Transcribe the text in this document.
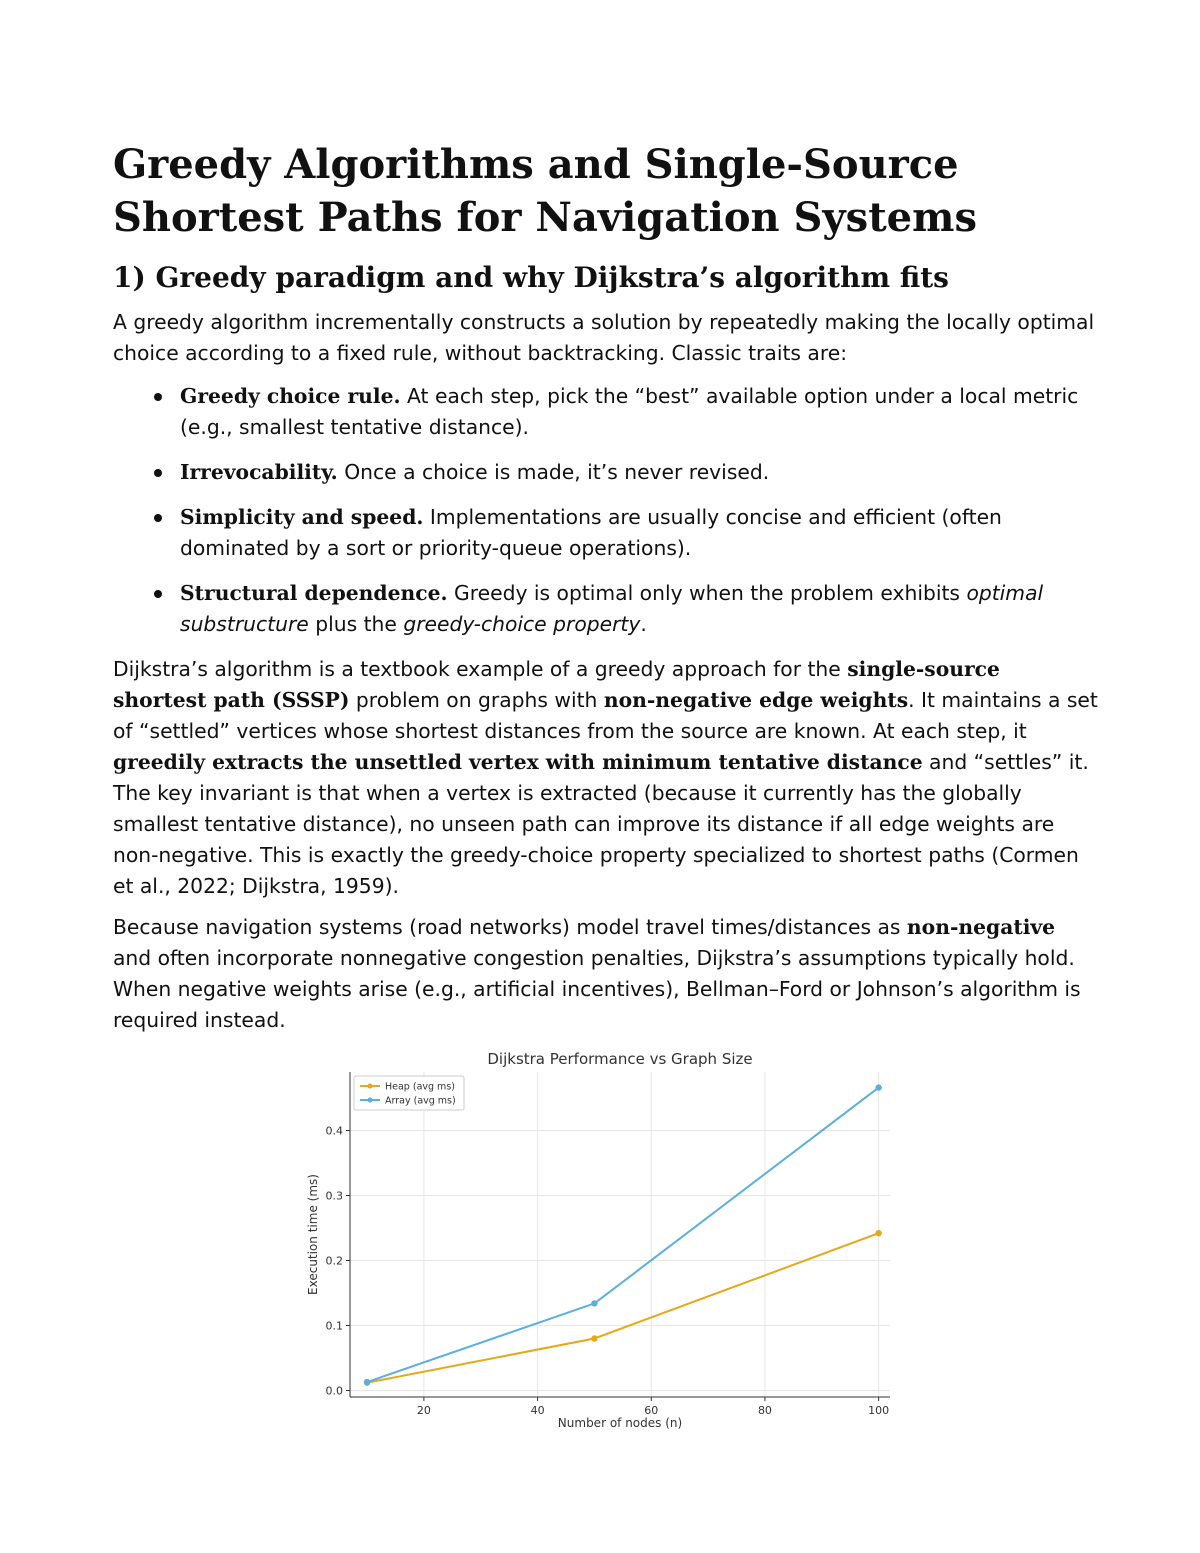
Greedy Algorithms and Single-Source Shortest Paths for Navigation Systems
1) Greedy paradigm and why Dijkstra’s algorithm fits

A greedy algorithm incrementally constructs a solution by repeatedly making the locally optimal choice according to a fixed rule, without backtracking. Classic traits are:

Greedy choice rule. At each step, pick the “best” available option under a local metric (e.g., smallest tentative distance).
Irrevocability. Once a choice is made, it’s never revised.
Simplicity and speed. Implementations are usually concise and efficient (often dominated by a sort or priority-queue operations).
Structural dependence. Greedy is optimal only when the problem exhibits optimal substructure plus the greedy-choice property.

Dijkstra’s algorithm is a textbook example of a greedy approach for the single-source shortest path (SSSP) problem on graphs with non-negative edge weights. It maintains a set of “settled” vertices whose shortest distances from the source are known. At each step, it greedily extracts the unsettled vertex with minimum tentative distance and “settles” it. The key invariant is that when a vertex is extracted (because it currently has the globally smallest tentative distance), no unseen path can improve its distance if all edge weights are non-negative. This is exactly the greedy-choice property specialized to shortest paths (Cormen et al., 2022; Dijkstra, 1959).

Because navigation systems (road networks) model travel times/distances as non-negative and often incorporate nonnegative congestion penalties, Dijkstra’s assumptions typically hold. When negative weights arise (e.g., artificial incentives), Bellman–Ford or Johnson’s algorithm is required instead.

20	40	60	80	100
0.0
0.1
0.2
0.3
0.4
Dijkstra Performance vs Graph Size
Number of nodes (n)
Execution time (ms)
Heap (avg ms)
Array (avg ms)
